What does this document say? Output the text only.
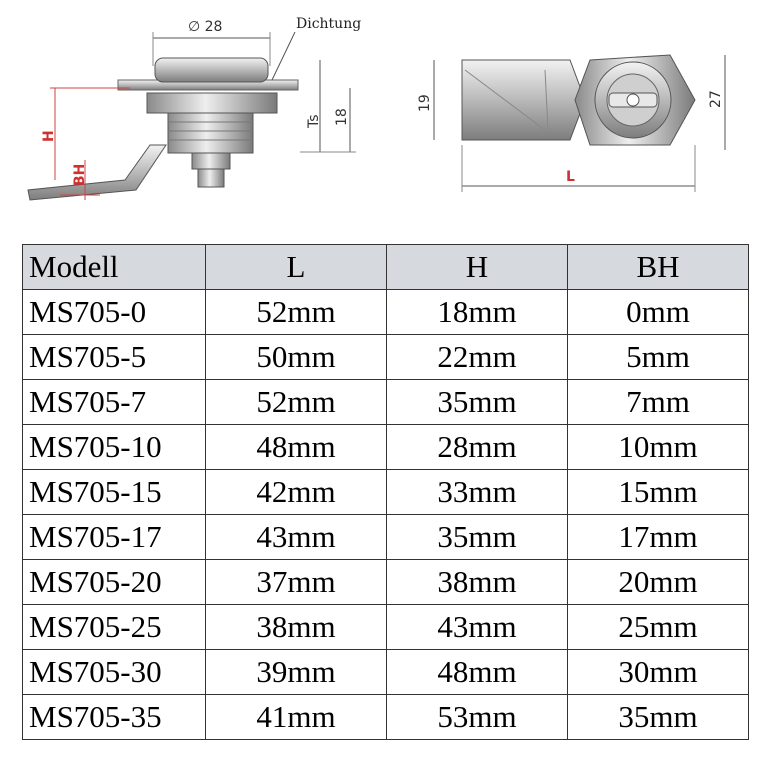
∅ 28	Dichtung
H
BH
Ts 18
19	27
L
Modell	L	H	BH
MS705-0	52mm	18mm	0mm
MS705-5	50mm	22mm	5mm
MS705-7	52mm	35mm	7mm
MS705-10	48mm	28mm	10mm
MS705-15	42mm	33mm	15mm
MS705-17	43mm	35mm	17mm
MS705-20	37mm	38mm	20mm
MS705-25	38mm	43mm	25mm
MS705-30	39mm	48mm	30mm
MS705-35	41mm	53mm	35mm
